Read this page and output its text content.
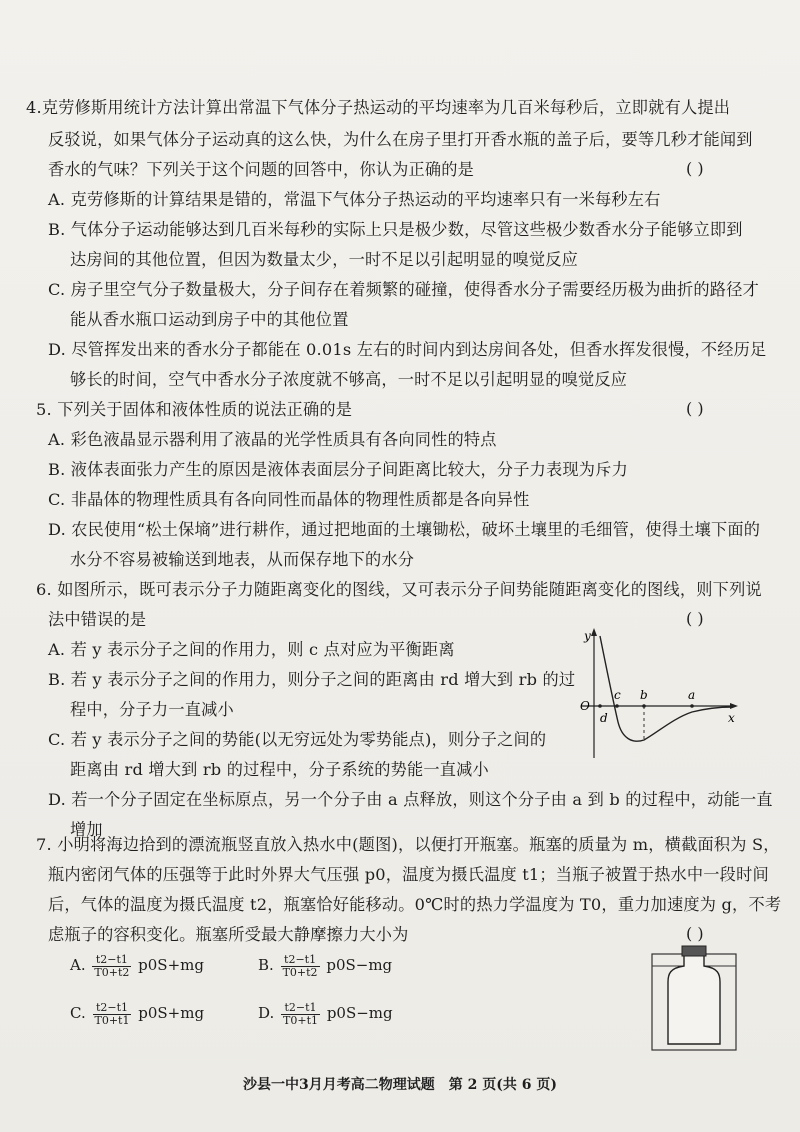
4.克劳修斯用统计方法计算出常温下气体分子热运动的平均速率为几百米每秒后，立即就有人提出
反驳说，如果气体分子运动真的这么快，为什么在房子里打开香水瓶的盖子后，要等几秒才能闻到
香水的气味？下列关于这个问题的回答中，你认为正确的是	( )
A. 克劳修斯的计算结果是错的，常温下气体分子热运动的平均速率只有一米每秒左右
B. 气体分子运动能够达到几百米每秒的实际上只是极少数，尽管这些极少数香水分子能够立即到
达房间的其他位置，但因为数量太少，一时不足以引起明显的嗅觉反应
C. 房子里空气分子数量极大，分子间存在着频繁的碰撞，使得香水分子需要经历极为曲折的路径才
能从香水瓶口运动到房子中的其他位置
D. 尽管挥发出来的香水分子都能在 0.01s 左右的时间内到达房间各处，但香水挥发很慢，不经历足
够长的时间，空气中香水分子浓度就不够高，一时不足以引起明显的嗅觉反应
5. 下列关于固体和液体性质的说法正确的是	( )
A. 彩色液晶显示器利用了液晶的光学性质具有各向同性的特点
B. 液体表面张力产生的原因是液体表面层分子间距离比较大，分子力表现为斥力
C. 非晶体的物理性质具有各向同性而晶体的物理性质都是各向异性
D. 农民使用“松土保墒”进行耕作，通过把地面的土壤锄松，破坏土壤里的毛细管，使得土壤下面的
水分不容易被输送到地表，从而保存地下的水分
6. 如图所示，既可表示分子力随距离变化的图线，又可表示分子间势能随距离变化的图线，则下列说
法中错误的是	( )
A. 若 y 表示分子之间的作用力，则 c 点对应为平衡距离
B. 若 y 表示分子之间的作用力，则分子之间的距离由 rd 增大到 rb 的过
程中，分子力一直减小
C. 若 y 表示分子之间的势能(以无穷远处为零势能点)，则分子之间的
距离由 rd 增大到 rb 的过程中，分子系统的势能一直减小
D. 若一个分子固定在坐标原点，另一个分子由 a 点释放，则这个分子由 a 到 b 的过程中，动能一直
增加
y
x
O
d
c b	a
7. 小明将海边拾到的漂流瓶竖直放入热水中(题图)，以便打开瓶塞。瓶塞的质量为 m，横截面积为 S，
瓶内密闭气体的压强等于此时外界大气压强 p0，温度为摄氏温度 t1；当瓶子被置于热水中一段时间
后，气体的温度为摄氏温度 t2，瓶塞恰好能移动。0℃时的热力学温度为 T0，重力加速度为 g，不考
虑瓶子的容积变化。瓶塞所受最大静摩擦力大小为	( )
A. $\frac{t2-t1}{T0+t2} p0S+mg$	B. $\frac{t2-t1}{T0+t2} p0S-mg$
C. $\frac{t2-t1}{T0+t1} p0S+mg$	D. $\frac{t2-t1}{T0+t1} p0S-mg$
沙县一中3月月考高二物理试题　第 2 页(共 6 页)
